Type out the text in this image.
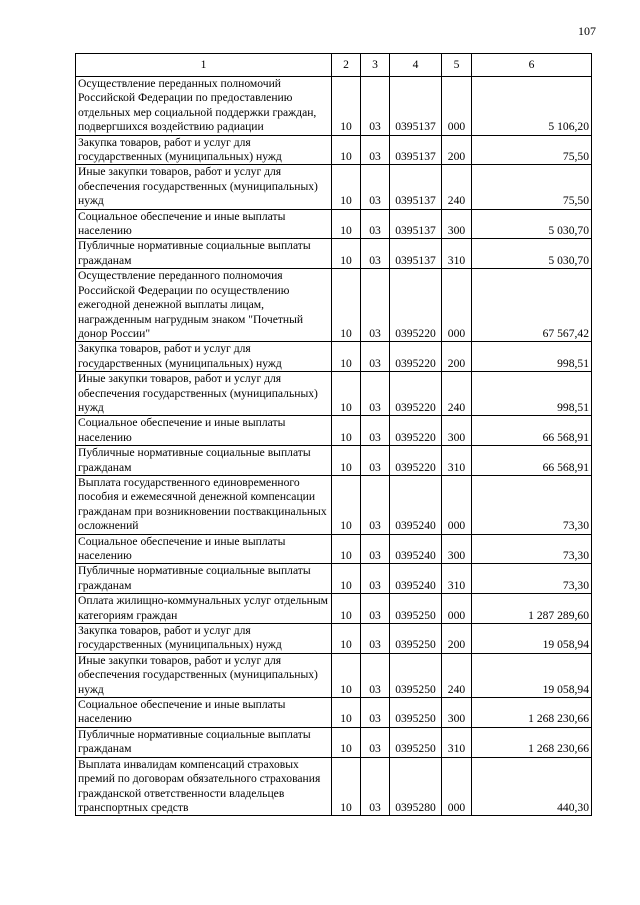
107
1	2	3	4	5	6
Осуществление переданных полномочий Российской Федерации по предоставлению отдельных мер социальной поддержки граждан, подвергшихся воздействию радиации	10	03	0395137	000	5 106,20
Закупка товаров, работ и услуг для государственных (муниципальных) нужд	10	03	0395137	200	75,50
Иные закупки товаров, работ и услуг для обеспечения государственных (муниципальных) нужд	10	03	0395137	240	75,50
Социальное обеспечение и иные выплаты населению	10	03	0395137	300	5 030,70
Публичные нормативные социальные выплаты гражданам	10	03	0395137	310	5 030,70
Осуществление переданного полномочия Российской Федерации по осуществлению ежегодной денежной выплаты лицам, награжденным нагрудным знаком "Почетный донор России"	10	03	0395220	000	67 567,42
Закупка товаров, работ и услуг для государственных (муниципальных) нужд	10	03	0395220	200	998,51
Иные закупки товаров, работ и услуг для обеспечения государственных (муниципальных) нужд	10	03	0395220	240	998,51
Социальное обеспечение и иные выплаты населению	10	03	0395220	300	66 568,91
Публичные нормативные социальные выплаты гражданам	10	03	0395220	310	66 568,91
Выплата государственного единовременного пособия и ежемесячной денежной компенсации гражданам при возникновении поствакцинальных осложнений	10	03	0395240	000	73,30
Социальное обеспечение и иные выплаты населению	10	03	0395240	300	73,30
Публичные нормативные социальные выплаты гражданам	10	03	0395240	310	73,30
Оплата жилищно-коммунальных услуг отдельным категориям граждан	10	03	0395250	000	1 287 289,60
Закупка товаров, работ и услуг для государственных (муниципальных) нужд	10	03	0395250	200	19 058,94
Иные закупки товаров, работ и услуг для обеспечения государственных (муниципальных) нужд	10	03	0395250	240	19 058,94
Социальное обеспечение и иные выплаты населению	10	03	0395250	300	1 268 230,66
Публичные нормативные социальные выплаты гражданам	10	03	0395250	310	1 268 230,66
Выплата инвалидам компенсаций страховых премий по договорам обязательного страхования гражданской ответственности владельцев транспортных средств	10	03	0395280	000	440,30
